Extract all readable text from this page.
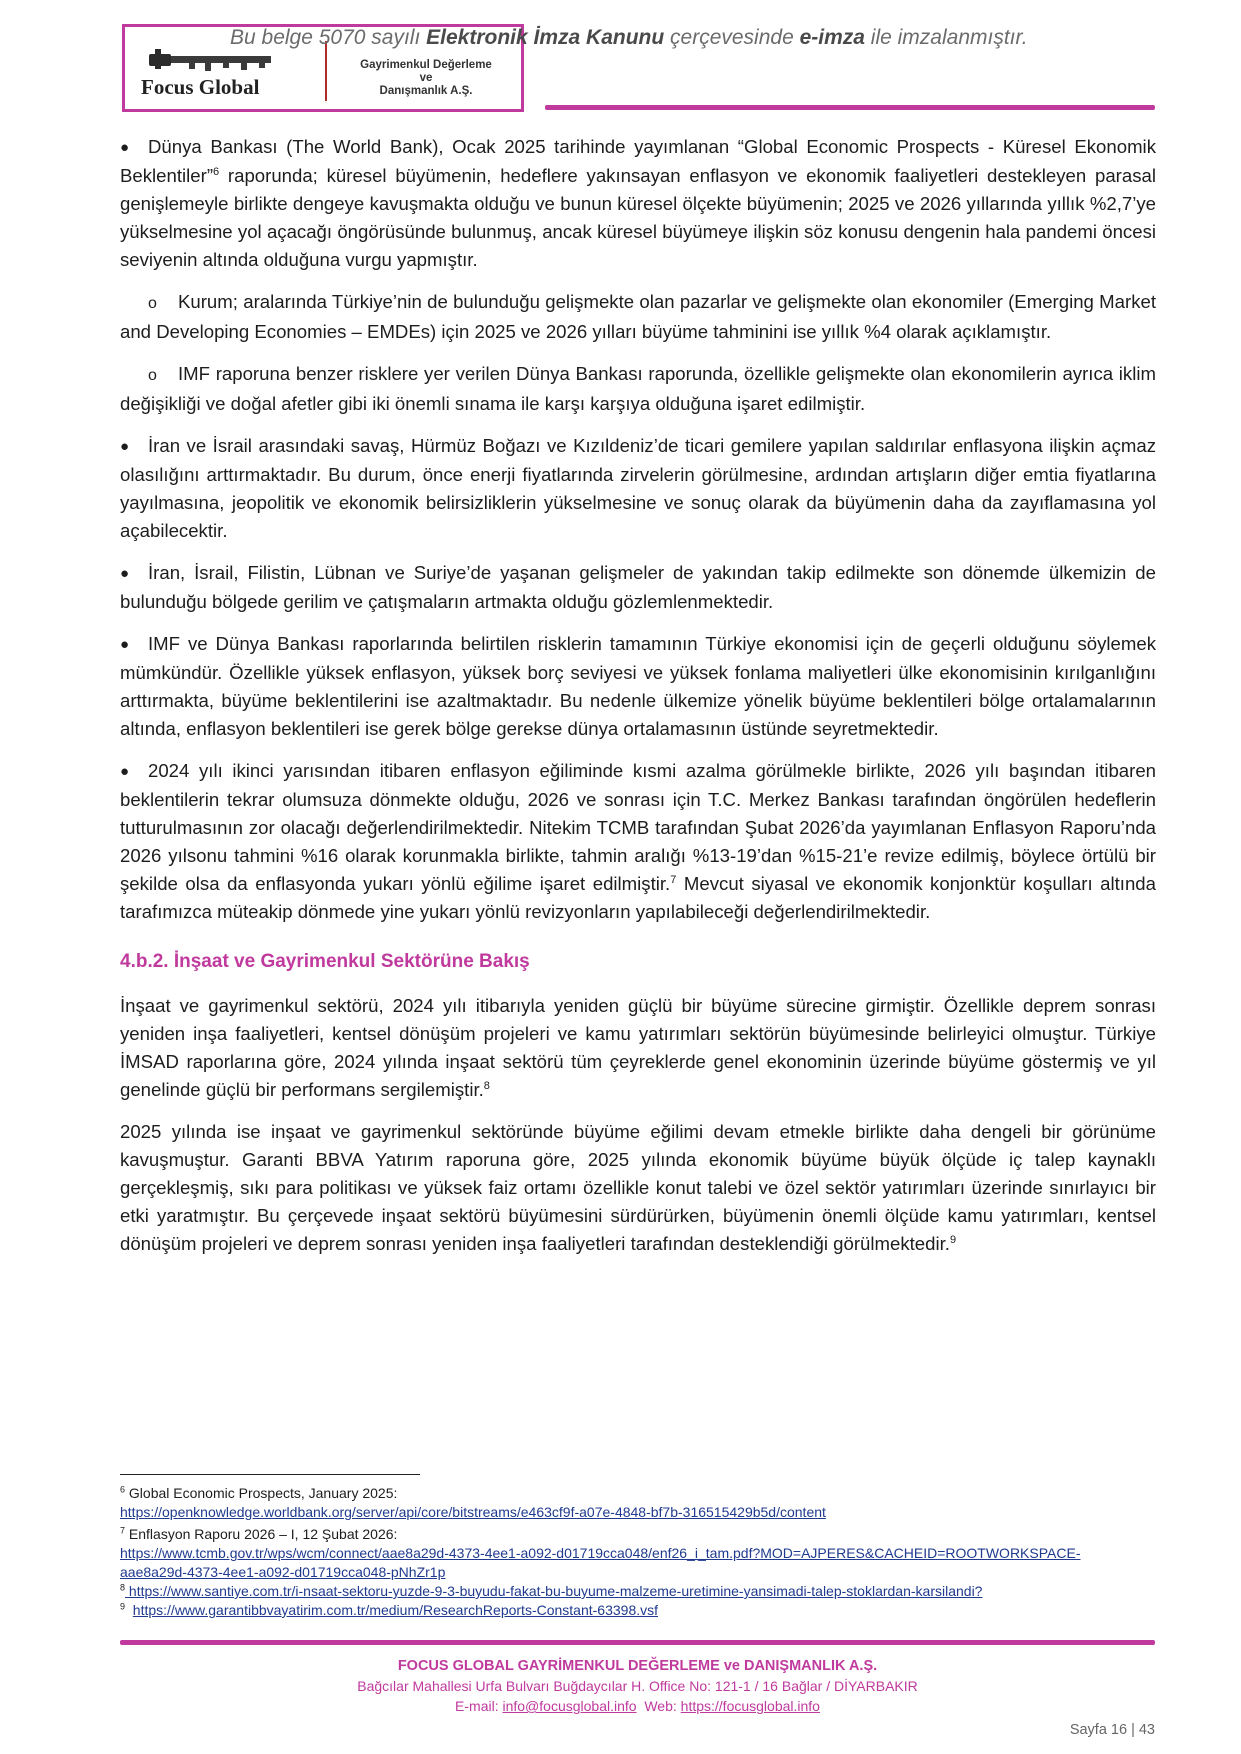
Focus Global
Gayrimenkul Değerleme
ve
Danışmanlık A.Ş.
Bu belge 5070 sayılı Elektronik İmza Kanunu çerçevesinde e-imza ile imzalanmıştır.

● Dünya Bankası (The World Bank), Ocak 2025 tarihinde yayımlanan “Global Economic Prospects - Küresel Ekonomik Beklentiler”$^6$ raporunda; küresel büyümenin, hedeflere yakınsayan enflasyon ve ekonomik faaliyetleri destekleyen parasal genişlemeyle birlikte dengeye kavuşmakta olduğu ve bunun küresel ölçekte büyümenin; 2025 ve 2026 yıllarında yıllık %2,7’ye yükselmesine yol açacağı öngörüsünde bulunmuş, ancak küresel büyümeye ilişkin söz konusu dengenin hala pandemi öncesi seviyenin altında olduğuna vurgu yapmıştır.

o Kurum; aralarında Türkiye’nin de bulunduğu gelişmekte olan pazarlar ve gelişmekte olan ekonomiler (Emerging Market and Developing Economies – EMDEs) için 2025 ve 2026 yılları büyüme tahminini ise yıllık %4 olarak açıklamıştır.

o IMF raporuna benzer risklere yer verilen Dünya Bankası raporunda, özellikle gelişmekte olan ekonomilerin ayrıca iklim değişikliği ve doğal afetler gibi iki önemli sınama ile karşı karşıya olduğuna işaret edilmiştir.

● İran ve İsrail arasındaki savaş, Hürmüz Boğazı ve Kızıldeniz’de ticari gemilere yapılan saldırılar enflasyona ilişkin açmaz olasılığını arttırmaktadır. Bu durum, önce enerji fiyatlarında zirvelerin görülmesine, ardından artışların diğer emtia fiyatlarına yayılmasına, jeopolitik ve ekonomik belirsizliklerin yükselmesine ve sonuç olarak da büyümenin daha da zayıflamasına yol açabilecektir.

● İran, İsrail, Filistin, Lübnan ve Suriye’de yaşanan gelişmeler de yakından takip edilmekte son dönemde ülkemizin de bulunduğu bölgede gerilim ve çatışmaların artmakta olduğu gözlemlenmektedir.

● IMF ve Dünya Bankası raporlarında belirtilen risklerin tamamının Türkiye ekonomisi için de geçerli olduğunu söylemek mümkündür. Özellikle yüksek enflasyon, yüksek borç seviyesi ve yüksek fonlama maliyetleri ülke ekonomisinin kırılganlığını arttırmakta, büyüme beklentilerini ise azaltmaktadır. Bu nedenle ülkemize yönelik büyüme beklentileri bölge ortalamalarının altında, enflasyon beklentileri ise gerek bölge gerekse dünya ortalamasının üstünde seyretmektedir.

● 2024 yılı ikinci yarısından itibaren enflasyon eğiliminde kısmi azalma görülmekle birlikte, 2026 yılı başından itibaren beklentilerin tekrar olumsuza dönmekte olduğu, 2026 ve sonrası için T.C. Merkez Bankası tarafından öngörülen hedeflerin tutturulmasının zor olacağı değerlendirilmektedir. Nitekim TCMB tarafından Şubat 2026’da yayımlanan Enflasyon Raporu’nda 2026 yılsonu tahmini %16 olarak korunmakla birlikte, tahmin aralığı %13-19’dan %15-21’e revize edilmiş, böylece örtülü bir şekilde olsa da enflasyonda yukarı yönlü eğilime işaret edilmiştir.$^7$ Mevcut siyasal ve ekonomik konjonktür koşulları altında tarafımızca müteakip dönmede yine yukarı yönlü revizyonların yapılabileceği değerlendirilmektedir.

4.b.2. İnşaat ve Gayrimenkul Sektörüne Bakış

İnşaat ve gayrimenkul sektörü, 2024 yılı itibarıyla yeniden güçlü bir büyüme sürecine girmiştir. Özellikle deprem sonrası yeniden inşa faaliyetleri, kentsel dönüşüm projeleri ve kamu yatırımları sektörün büyümesinde belirleyici olmuştur. Türkiye İMSAD raporlarına göre, 2024 yılında inşaat sektörü tüm çeyreklerde genel ekonominin üzerinde büyüme göstermiş ve yıl genelinde güçlü bir performans sergilemiştir.$^8$

2025 yılında ise inşaat ve gayrimenkul sektöründe büyüme eğilimi devam etmekle birlikte daha dengeli bir görünüme kavuşmuştur. Garanti BBVA Yatırım raporuna göre, 2025 yılında ekonomik büyüme büyük ölçüde iç talep kaynaklı gerçekleşmiş, sıkı para politikası ve yüksek faiz ortamı özellikle konut talebi ve özel sektör yatırımları üzerinde sınırlayıcı bir etki yaratmıştır. Bu çerçevede inşaat sektörü büyümesini sürdürürken, büyümenin önemli ölçüde kamu yatırımları, kentsel dönüşüm projeleri ve deprem sonrası yeniden inşa faaliyetleri tarafından desteklendiği görülmektedir.$^9$

$^6$ Global Economic Prospects, January 2025:
https://openknowledge.worldbank.org/server/api/core/bitstreams/e463cf9f-a07e-4848-bf7b-316515429b5d/content
$^7$ Enflasyon Raporu 2026 – I, 12 Şubat 2026:
https://www.tcmb.gov.tr/wps/wcm/connect/aae8a29d-4373-4ee1-a092-d01719cca048/enf26_i_tam.pdf?MOD=AJPERES&CACHEID=ROOTWORKSPACE-
aae8a29d-4373-4ee1-a092-d01719cca048-pNhZr1p
$^8$ https://www.santiye.com.tr/i-nsaat-sektoru-yuzde-9-3-buyudu-fakat-bu-buyume-malzeme-uretimine-yansimadi-talep-stoklardan-karsilandi?
$^9$ https://www.garantibbvayatirim.com.tr/medium/ResearchReports-Constant-63398.vsf
FOCUS GLOBAL GAYRİMENKUL DEĞERLEME ve DANIŞMANLIK A.Ş.
Bağcılar Mahallesi Urfa Bulvarı Buğdaycılar H. Office No: 121-1 / 16 Bağlar / DİYARBAKIR
E-mail: info@focusglobal.info  Web: https://focusglobal.info
Sayfa 16 | 43
